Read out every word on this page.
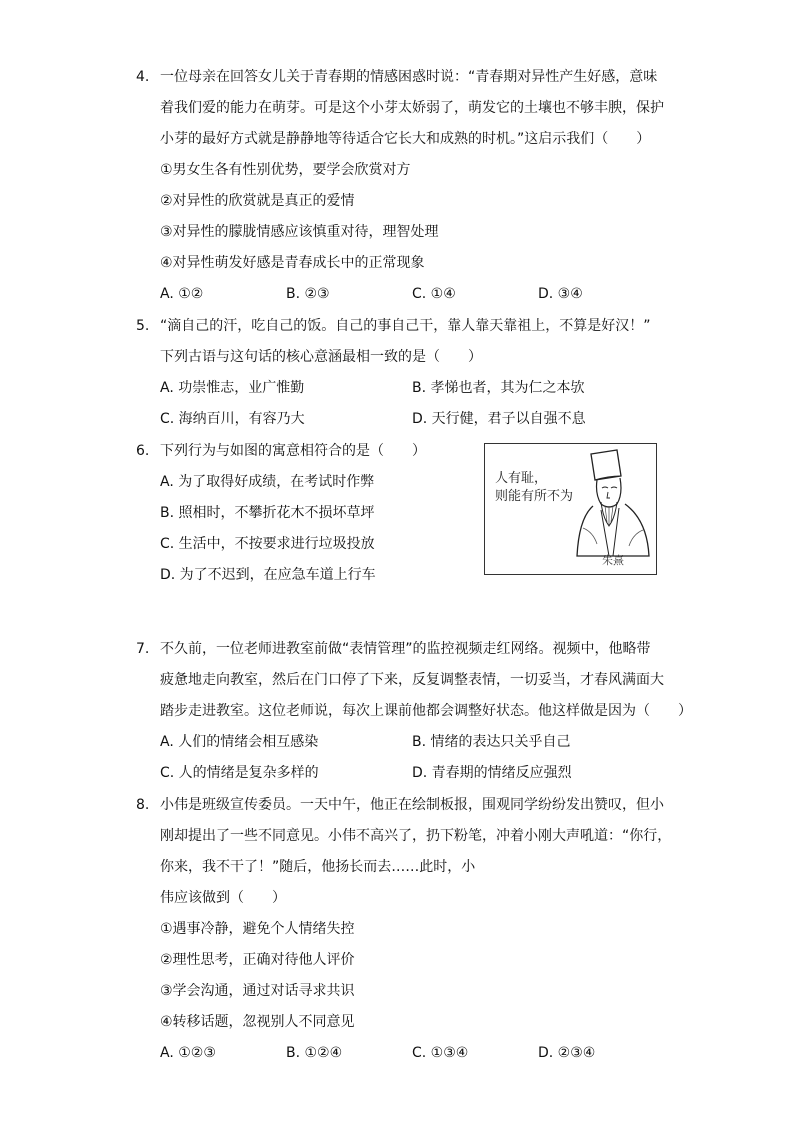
4. 一位母亲在回答女儿关于青春期的情感困惑时说：“青春期对异性产生好感，意味
着我们爱的能力在萌芽。可是这个小芽太娇弱了，萌发它的土壤也不够丰腴，保护
小芽的最好方式就是静静地等待适合它长大和成熟的时机。”这启示我们（　　）
①男女生各有性别优势，要学会欣赏对方
②对异性的欣赏就是真正的爱情
③对异性的朦胧情感应该慎重对待，理智处理
④对异性萌发好感是青春成长中的正常现象
A. ①②	B. ②③	C. ①④	D. ③④
5. “滴自己的汗，吃自己的饭。自己的事自己干，靠人靠天靠祖上，不算是好汉！”
下列古语与这句话的核心意涵最相一致的是（　　）
A. 功崇惟志，业广惟勤	B. 孝悌也者，其为仁之本欤
C. 海纳百川，有容乃大	D. 天行健，君子以自强不息
6. 下列行为与如图的寓意相符合的是（　　）
A. 为了取得好成绩，在考试时作弊
B. 照相时，不攀折花木不损坏草坪
C. 生活中，不按要求进行垃圾投放
D. 为了不迟到，在应急车道上行车
人有耻，
则能有所不为
朱熹
7. 不久前，一位老师进教室前做“表情管理”的监控视频走红网络。视频中，他略带
疲惫地走向教室，然后在门口停了下来，反复调整表情，一切妥当，才春风满面大
踏步走进教室。这位老师说，每次上课前他都会调整好状态。他这样做是因为（　　）
A. 人们的情绪会相互感染	B. 情绪的表达只关乎自己
C. 人的情绪是复杂多样的	D. 青春期的情绪反应强烈
8. 小伟是班级宣传委员。一天中午，他正在绘制板报，围观同学纷纷发出赞叹，但小
刚却提出了一些不同意见。小伟不高兴了，扔下粉笔，冲着小刚大声吼道：“你行，
你来，我不干了！”随后，他扬长而去……此时，小
伟应该做到（　　）
①遇事冷静，避免个人情绪失控
②理性思考，正确对待他人评价
③学会沟通，通过对话寻求共识
④转移话题，忽视别人不同意见
A. ①②③	B. ①②④	C. ①③④	D. ②③④
